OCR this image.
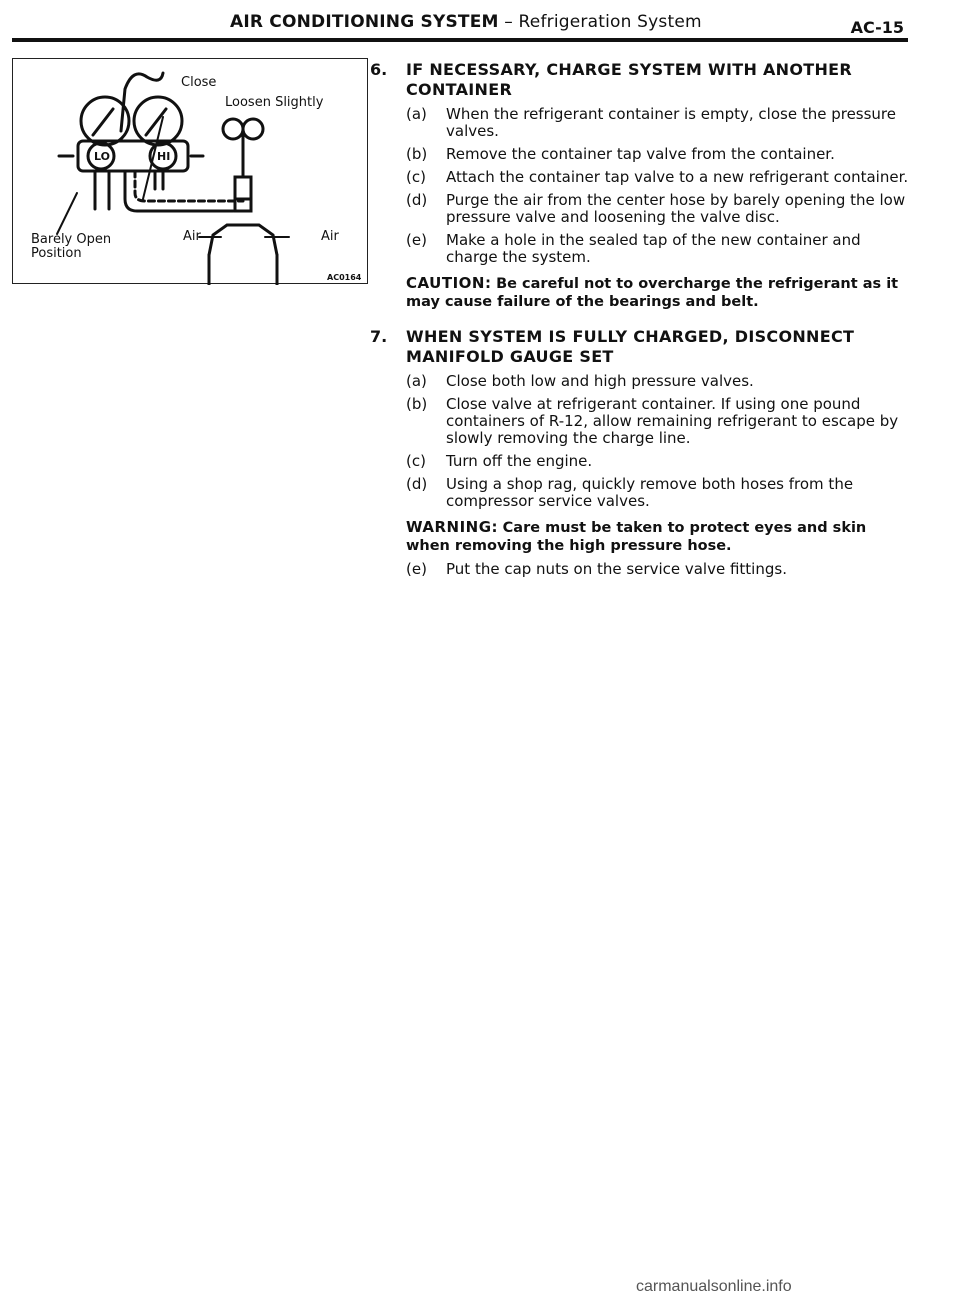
AIR CONDITIONING SYSTEM – Refrigeration System	AC-15
LO	HI
Close
Loosen Slightly
Barely Open
Position
Air	Air
AC0164
6. IF NECESSARY, CHARGE SYSTEM WITH ANOTHER CONTAINER
(a) When the refrigerant container is empty, close the pressure valves.
(b) Remove the container tap valve from the container.
(c) Attach the container tap valve to a new refrigerant container.
(d) Purge the air from the center hose by barely opening the low pressure valve and loosening the valve disc.
(e) Make a hole in the sealed tap of the new container and charge the system.
CAUTION: Be careful not to overcharge the refrigerant as it may cause failure of the bearings and belt.
7. WHEN SYSTEM IS FULLY CHARGED, DISCONNECT MANIFOLD GAUGE SET
(a) Close both low and high pressure valves.
(b) Close valve at refrigerant container. If using one pound containers of R-12, allow remaining refrigerant to escape by slowly removing the charge line.
(c) Turn off the engine.
(d) Using a shop rag, quickly remove both hoses from the compressor service valves.
WARNING: Care must be taken to protect eyes and skin when removing the high pressure hose.
(e) Put the cap nuts on the service valve fittings.
carmanualsonline.info
